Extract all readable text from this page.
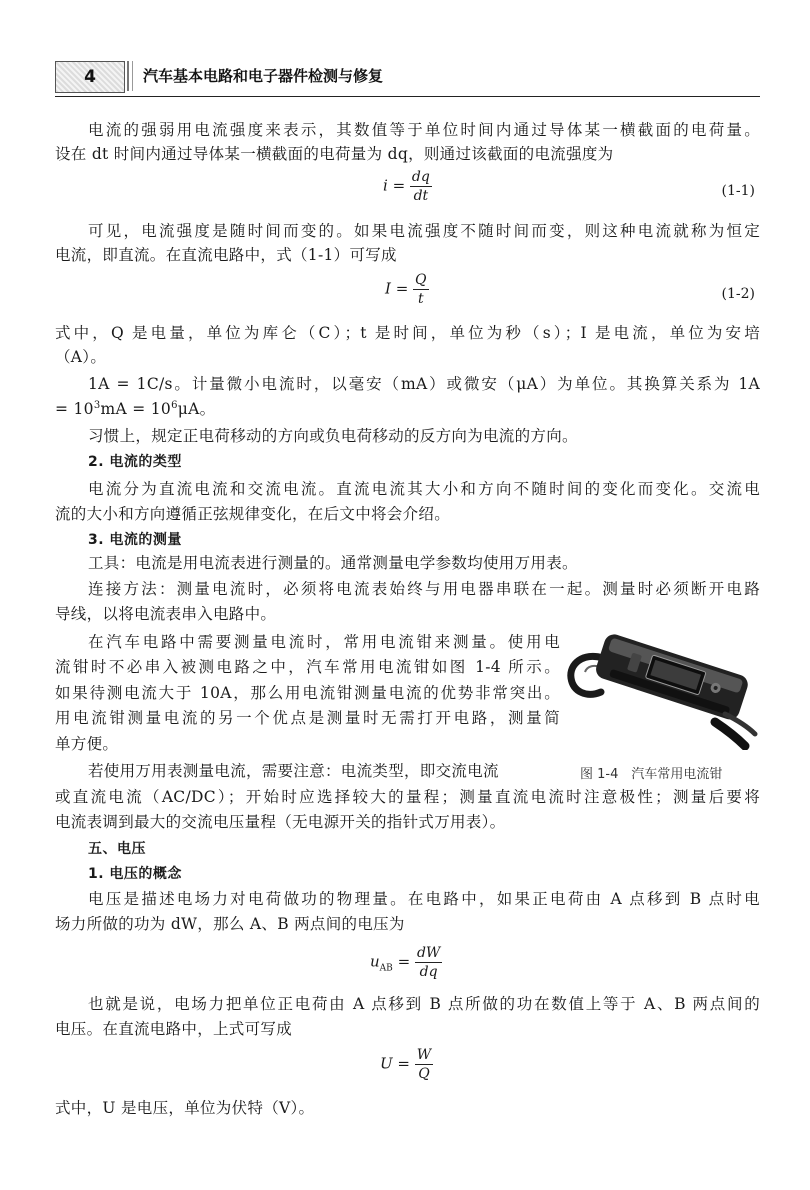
4	汽车基本电路和电子器件检测与修复
电流的强弱用电流强度来表示，其数值等于单位时间内通过导体某一横截面的电荷量。
设在 dt 时间内通过导体某一横截面的电荷量为 dq，则通过该截面的电流强度为
$i = \frac{dq}{dt}$	(1-1)
可见，电流强度是随时间而变的。如果电流强度不随时间而变，则这种电流就称为恒定
电流，即直流。在直流电路中，式（1-1）可写成
$I = \frac{Q}{t}$	(1-2)
式中，Q 是电量，单位为库仑（C）；t 是时间，单位为秒（s）；I 是电流，单位为安培
（A）。
1A = 1C/s。计量微小电流时，以毫安（mA）或微安（μA）为单位。其换算关系为 1A
= $10^3mA = 10^6\mu A$。
习惯上，规定正电荷移动的方向或负电荷移动的反方向为电流的方向。
2. 电流的类型
电流分为直流电流和交流电流。直流电流其大小和方向不随时间的变化而变化。交流电
流的大小和方向遵循正弦规律变化，在后文中将会介绍。
3. 电流的测量
工具：电流是用电流表进行测量的。通常测量电学参数均使用万用表。
连接方法：测量电流时，必须将电流表始终与用电器串联在一起。测量时必须断开电路
导线，以将电流表串入电路中。
在汽车电路中需要测量电流时，常用电流钳来测量。使用电
流钳时不必串入被测电路之中，汽车常用电流钳如图 1-4 所示。
如果待测电流大于 10A，那么用电流钳测量电流的优势非常突出。
用电流钳测量电流的另一个优点是测量时无需打开电路，测量简
单方便。
若使用万用表测量电流，需要注意：电流类型，即交流电流	图 1-4　汽车常用电流钳
或直流电流（AC/DC）；开始时应选择较大的量程；测量直流电流时注意极性；测量后要将
电流表调到最大的交流电压量程（无电源开关的指针式万用表）。
五、电压
1. 电压的概念
电压是描述电场力对电荷做功的物理量。在电路中，如果正电荷由 A 点移到 B 点时电
场力所做的功为 dW，那么 A、B 两点间的电压为
$u_{AB} = \frac{dW}{dq}$
也就是说，电场力把单位正电荷由 A 点移到 B 点所做的功在数值上等于 A、B 两点间的
电压。在直流电路中，上式可写成
$U = \frac{W}{Q}$
式中，U 是电压，单位为伏特（V）。
